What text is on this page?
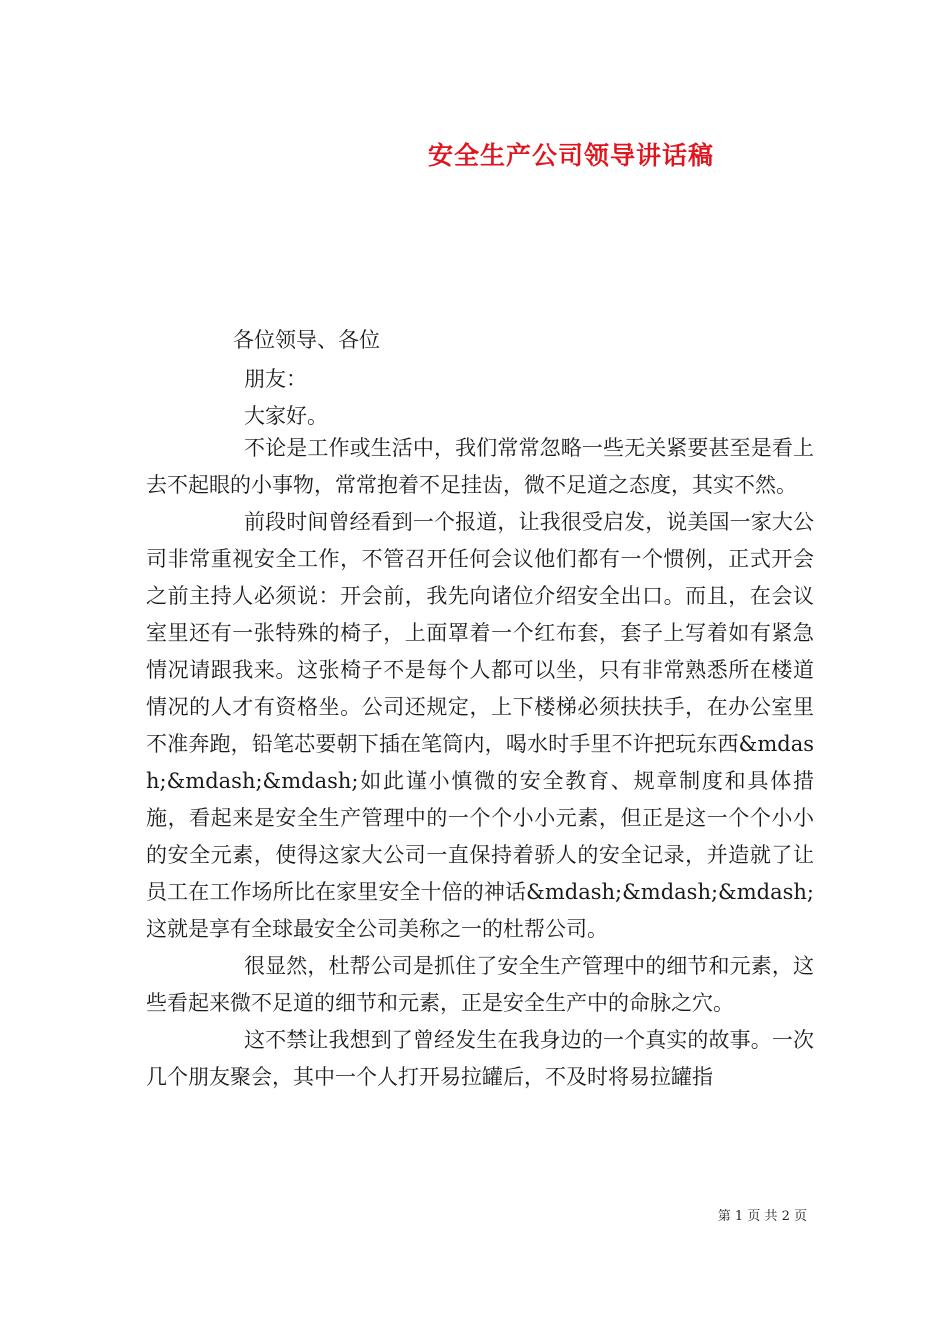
安全生产公司领导讲话稿
各位领导、各位
朋友：
大家好。

不论是工作或生活中，我们常常忽略一些无关紧要甚至是看上去不起眼的小事物，常常抱着不足挂齿，微不足道之态度，其实不然。

前段时间曾经看到一个报道，让我很受启发，说美国一家大公司非常重视安全工作，不管召开任何会议他们都有一个惯例，正式开会之前主持人必须说：开会前，我先向诸位介绍安全出口。而且，在会议室里还有一张特殊的椅子，上面罩着一个红布套，套子上写着如有紧急情况请跟我来。这张椅子不是每个人都可以坐，只有非常熟悉所在楼道情况的人才有资格坐。公司还规定，上下楼梯必须扶扶手，在办公室里不准奔跑，铅笔芯要朝下插在笔筒内，喝水时手里不许把玩东西&mdash;&mdash;&mdash;如此谨小慎微的安全教育、规章制度和具体措施，看起来是安全生产管理中的一个个小小元素，但正是这一个个小小的安全元素，使得这家大公司一直保持着骄人的安全记录，并造就了让员工在工作场所比在家里安全十倍的神话&mdash;&mdash;&mdash;这就是享有全球最安全公司美称之一的杜帮公司。

很显然，杜帮公司是抓住了安全生产管理中的细节和元素，这些看起来微不足道的细节和元素，正是安全生产中的命脉之穴。

这不禁让我想到了曾经发生在我身边的一个真实的故事。一次几个朋友聚会，其中一个人打开易拉罐后，不及时将易拉罐指

第 1 页 共 2 页
